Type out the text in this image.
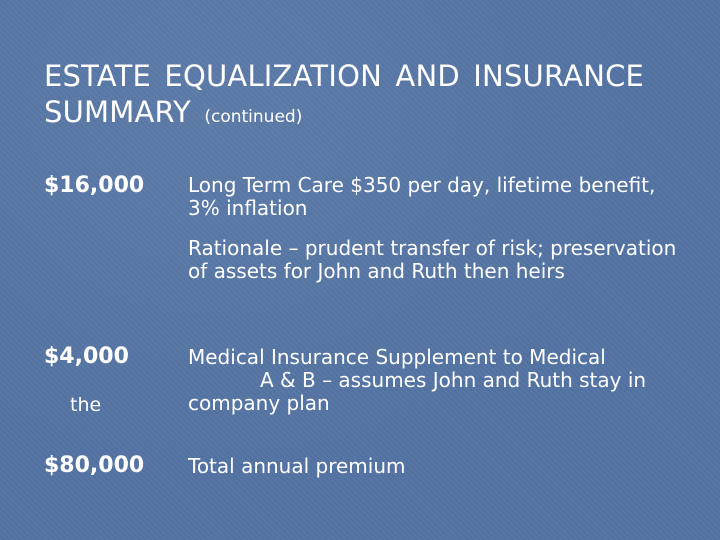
ESTATE EQUALIZATION AND INSURANCE SUMMARY (continued)
$16,000 Long Term Care $350 per day, lifetime benefit, 3% inflation
Rationale – prudent transfer of risk; preservation of assets for John and Ruth then heirs
$4,000
the
Medical Insurance Supplement to Medical
A & B – assumes John and Ruth stay in
company plan
$80,000 Total annual premium
